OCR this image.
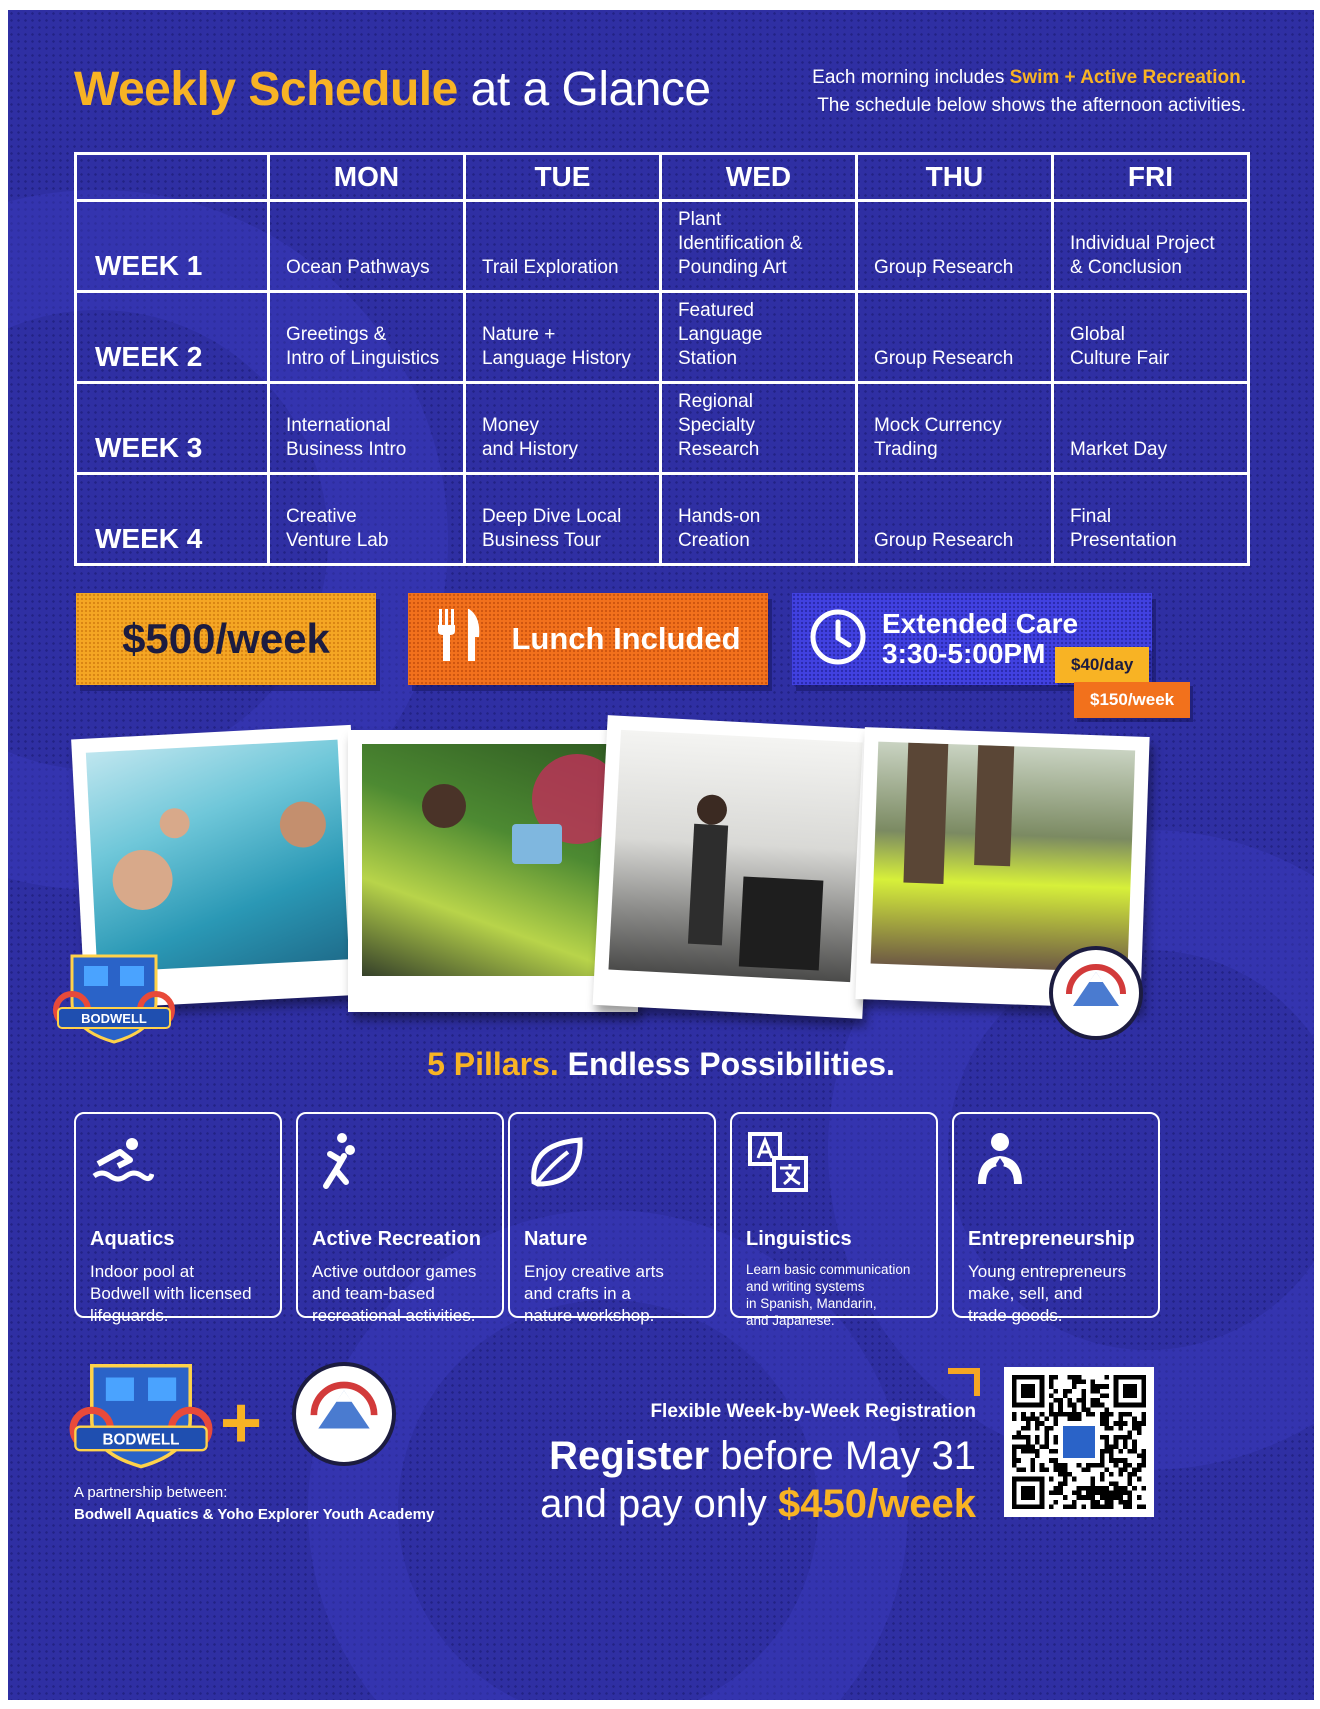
Weekly Schedule at a Glance	Each morning includes Swim + Active Recreation.
The schedule below shows the afternoon activities.
	MON	TUE	WED	THU	FRI
WEEK 1	Ocean Pathways	Trail Exploration	Plant
Identification &
Pounding Art	Group Research	Individual Project
& Conclusion
WEEK 2	Greetings &
Intro of Linguistics	Nature +
Language History	Featured
Language
Station	Group Research	Global
Culture Fair
WEEK 3	International
Business Intro	Money
and History	Regional
Specialty
Research	Mock Currency
Trading	Market Day
WEEK 4	Creative
Venture Lab	Deep Dive Local
Business Tour	Hands-on
Creation	Group Research	Final
Presentation
$500/week	Lunch Included	Extended Care
3:30-5:00PM	$40/day
$150/week
BODWELL
5 Pillars. Endless Possibilities.
Aquatics
Indoor pool at
Bodwell with licensed
lifeguards.
Active Recreation
Active outdoor games
and team-based
recreational activities.
Nature
Enjoy creative arts
and crafts in a
nature workshop.
Linguistics
Learn basic communication
and writing systems
in Spanish, Mandarin,
and Japanese.
Entrepreneurship
Young entrepreneurs
make, sell, and
trade goods.
BODWELL +
A partnership between:
Bodwell Aquatics & Yoho Explorer Youth Academy
Flexible Week-by-Week Registration
Register before May 31
and pay only $450/week
